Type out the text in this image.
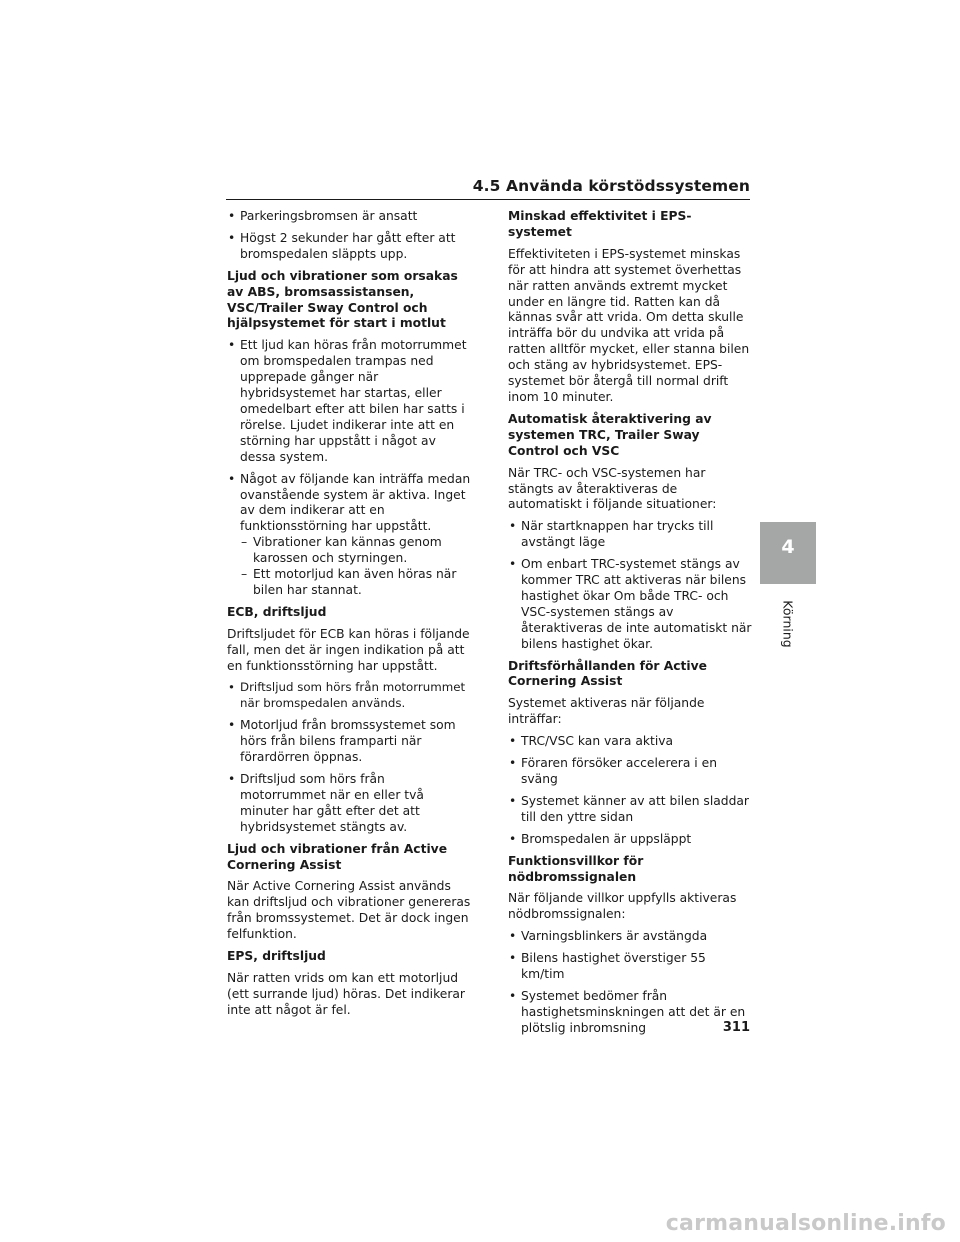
4.5 Använda körstödssystemen
• Parkeringsbromsen är ansatt
• Högst 2 sekunder har gått efter att bromspedalen släppts upp.
Ljud och vibrationer som orsakas av ABS, bromsassistansen, VSC/Trailer Sway Control och hjälpsystemet för start i motlut
• Ett ljud kan höras från motorrummet om bromspedalen trampas ned upprepade gånger när hybridsystemet har startas, eller omedelbart efter att bilen har satts i rörelse. Ljudet indikerar inte att en störning har uppstått i något av dessa system.
• Något av följande kan inträffa medan ovanstående system är aktiva. Inget av dem indikerar att en funktionsstörning har uppstått.
– Vibrationer kan kännas genom karossen och styrningen.
– Ett motorljud kan även höras när bilen har stannat.
ECB, driftsljud
Driftsljudet för ECB kan höras i följande fall, men det är ingen indikation på att en funktionsstörning har uppstått.
• Driftsljud som hörs från motorrummet när bromspedalen används.
• Motorljud från bromssystemet som hörs från bilens framparti när förardörren öppnas.
• Driftsljud som hörs från motorrummet när en eller två minuter har gått efter det att hybridsystemet stängts av.
Ljud och vibrationer från Active Cornering Assist
När Active Cornering Assist används kan driftsljud och vibrationer genereras från bromssystemet. Det är dock ingen felfunktion.
EPS, driftsljud
När ratten vrids om kan ett motorljud (ett surrande ljud) höras. Det indikerar inte att något är fel.
Minskad effektivitet i EPS-systemet
Effektiviteten i EPS-systemet minskas för att hindra att systemet överhettas när ratten används extremt mycket under en längre tid. Ratten kan då kännas svår att vrida. Om detta skulle inträffa bör du undvika att vrida på ratten alltför mycket, eller stanna bilen och stäng av hybridsystemet. EPS-systemet bör återgå till normal drift inom 10 minuter.
Automatisk återaktivering av systemen TRC, Trailer Sway Control och VSC
När TRC- och VSC-systemen har stängts av återaktiveras de automatiskt i följande situationer:
• När startknappen har trycks till avstängt läge
• Om enbart TRC-systemet stängs av kommer TRC att aktiveras när bilens hastighet ökar Om både TRC- och VSC-systemen stängs av återaktiveras de inte automatiskt när bilens hastighet ökar.
Driftsförhållanden för Active Cornering Assist
Systemet aktiveras när följande inträffar:
• TRC/VSC kan vara aktiva
• Föraren försöker accelerera i en sväng
• Systemet känner av att bilen sladdar till den yttre sidan
• Bromspedalen är uppsläppt
Funktionsvillkor för nödbromssignalen
När följande villkor uppfylls aktiveras nödbromssignalen:
• Varningsblinkers är avstängda
• Bilens hastighet överstiger 55 km/tim
• Systemet bedömer från hastighetsminskningen att det är en plötslig inbromsning
4
Körning
311
carmanualsonline.info
